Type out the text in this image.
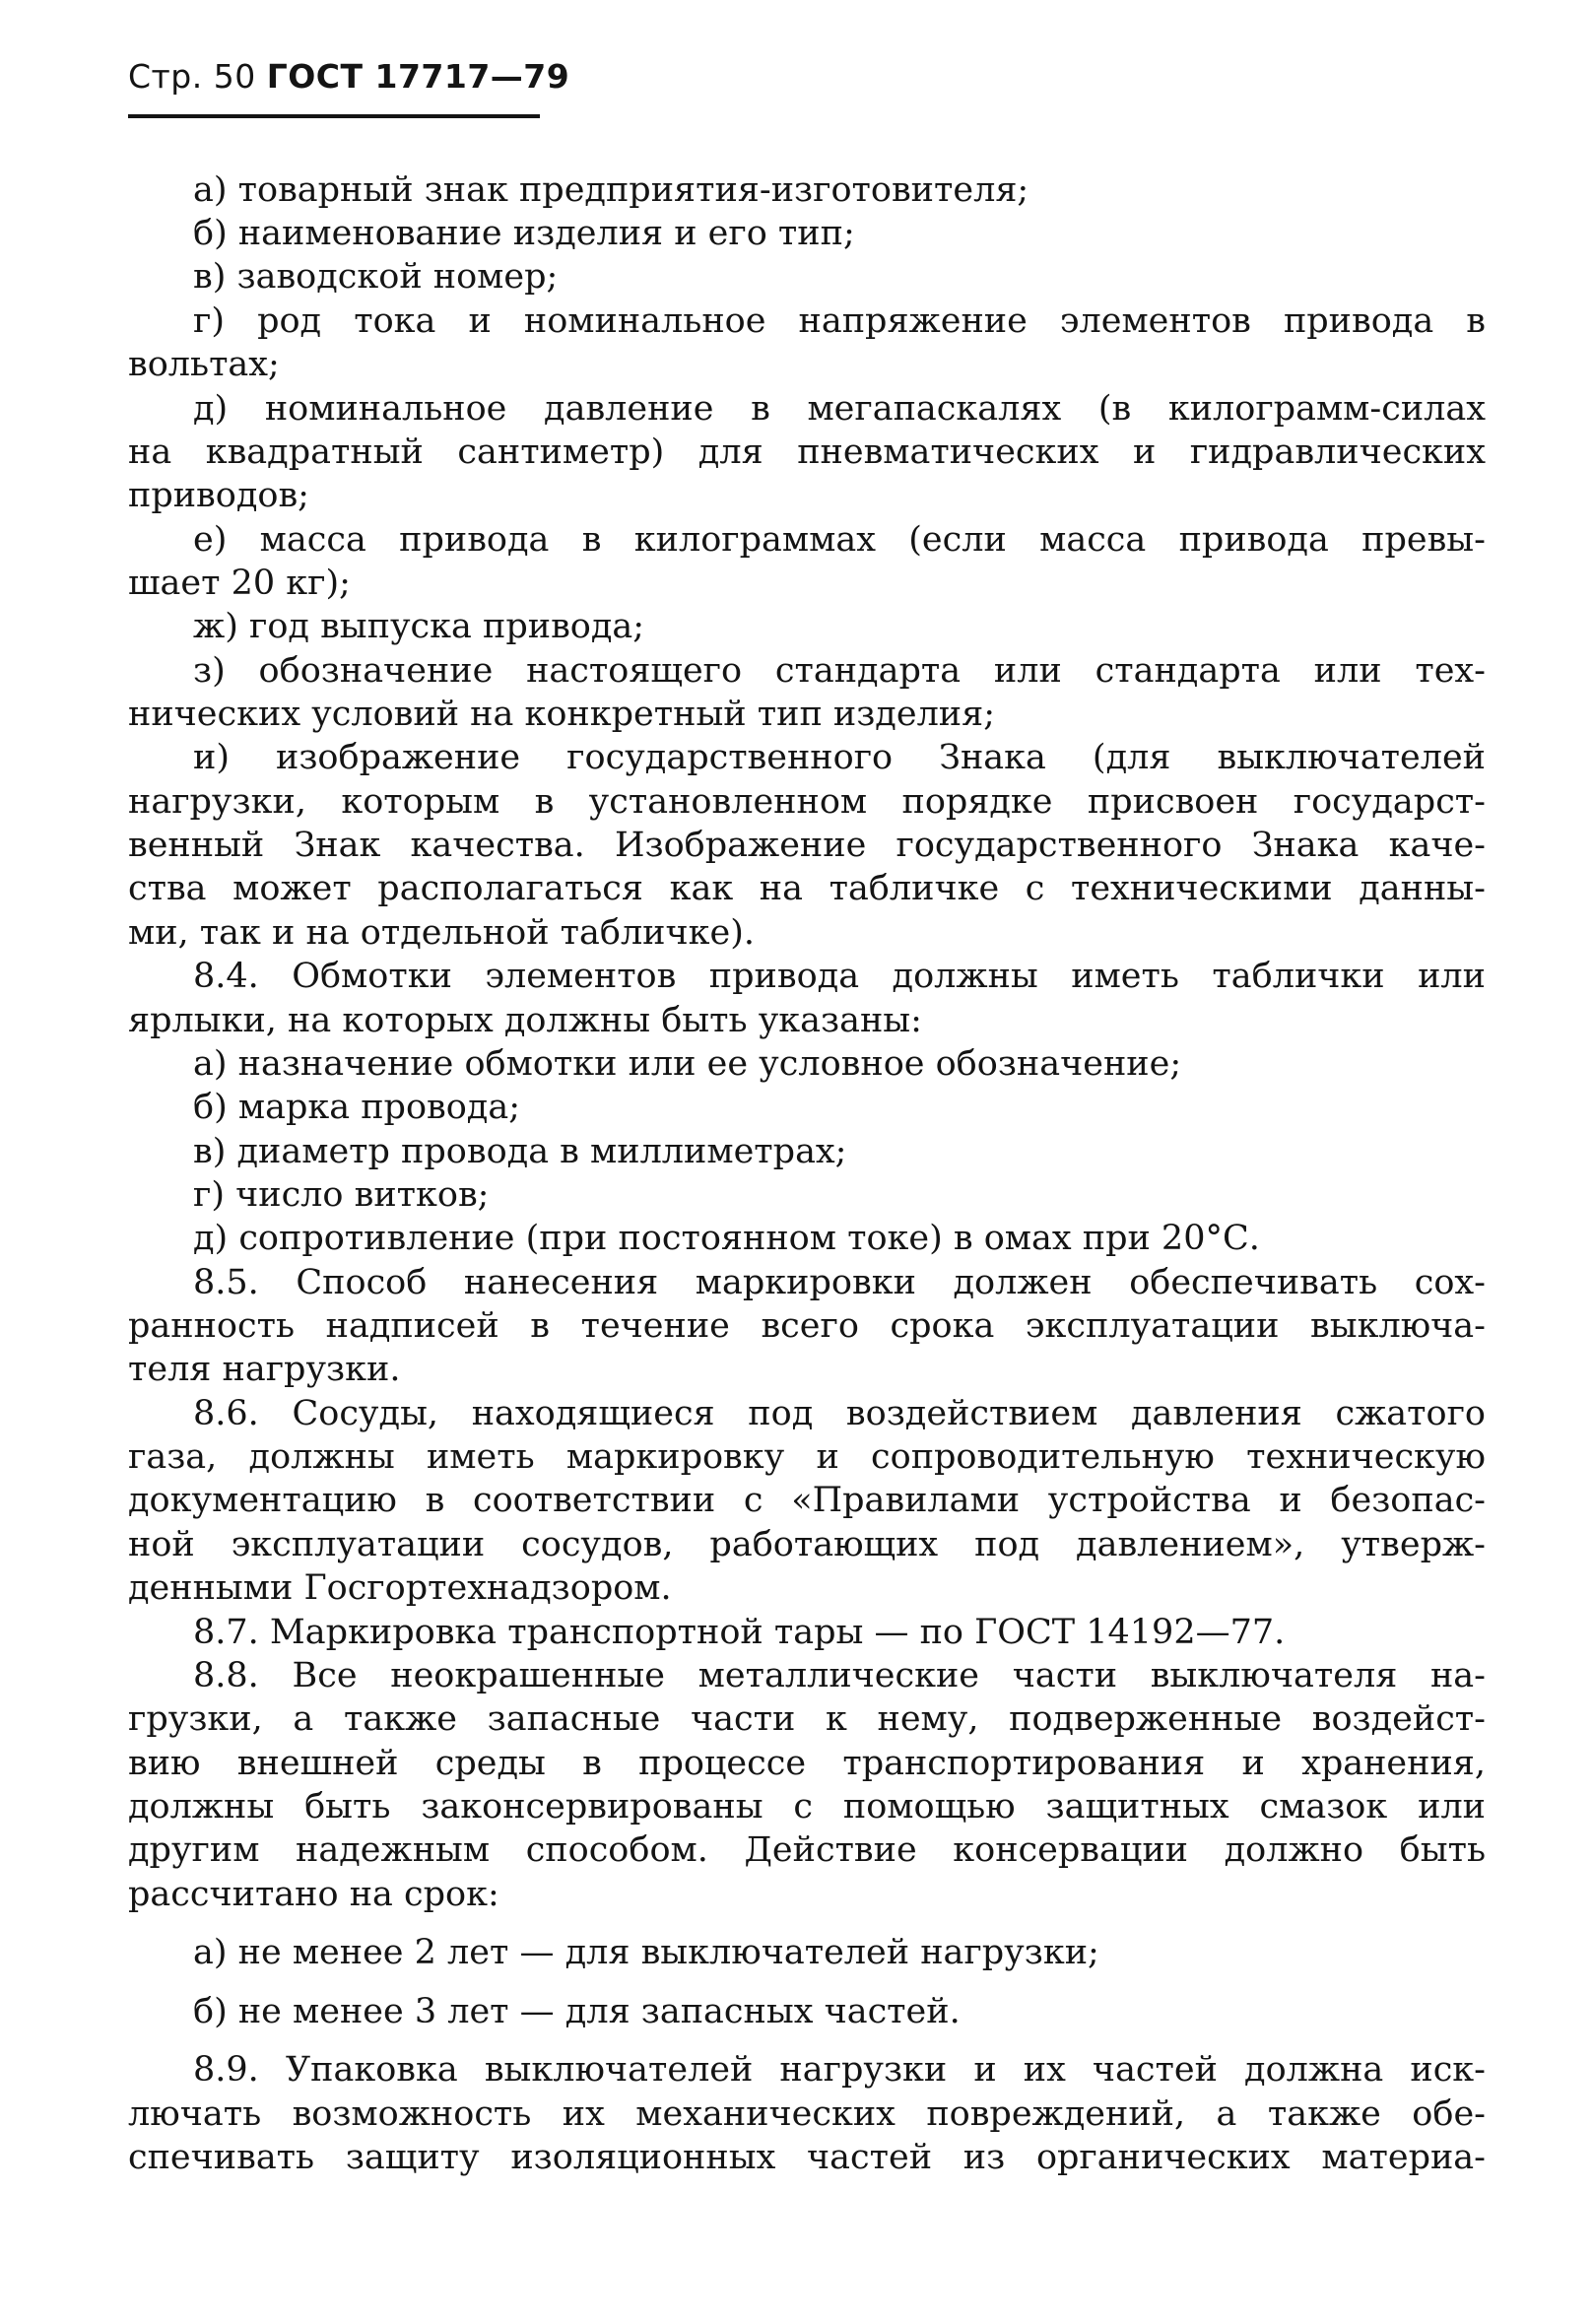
Стр. 50 ГОСТ 17717—79
а) товарный знак предприятия-изготовителя;
б) наименование изделия и его тип;
в) заводской номер;
г) род тока и номинальное напряжение элементов привода в
вольтах;
д) номинальное давление в мегапаскалях (в килограмм-силах
на квадратный сантиметр) для пневматических и гидравлических
приводов;
е) масса привода в килограммах (если масса привода превы-
шает 20 кг);
ж) год выпуска привода;
з) обозначение настоящего стандарта или стандарта или тех-
нических условий на конкретный тип изделия;
и) изображение государственного Знака (для выключателей
нагрузки, которым в установленном порядке присвоен государст-
венный Знак качества. Изображение государственного Знака каче-
ства может располагаться как на табличке с техническими данны-
ми, так и на отдельной табличке).
8.4. Обмотки элементов привода должны иметь таблички или
ярлыки, на которых должны быть указаны:
а) назначение обмотки или ее условное обозначение;
б) марка провода;
в) диаметр провода в миллиметрах;
г) число витков;
д) сопротивление (при постоянном токе) в омах при 20°С.
8.5. Способ нанесения маркировки должен обеспечивать сох-
ранность надписей в течение всего срока эксплуатации выключа-
теля нагрузки.
8.6. Сосуды, находящиеся под воздействием давления сжатого
газа, должны иметь маркировку и сопроводительную техническую
документацию в соответствии с «Правилами устройства и безопас-
ной эксплуатации сосудов, работающих под давлением», утверж-
денными Госгортехнадзором.
8.7. Маркировка транспортной тары — по ГОСТ 14192—77.
8.8. Все неокрашенные металлические части выключателя на-
грузки, а также запасные части к нему, подверженные воздейст-
вию внешней среды в процессе транспортирования и хранения,
должны быть законсервированы с помощью защитных смазок или
другим надежным способом. Действие консервации должно быть
рассчитано на срок:
а) не менее 2 лет — для выключателей нагрузки;
б) не менее 3 лет — для запасных частей.
8.9. Упаковка выключателей нагрузки и их частей должна иск-
лючать возможность их механических повреждений, а также обе-
спечивать защиту изоляционных частей из органических материа-
